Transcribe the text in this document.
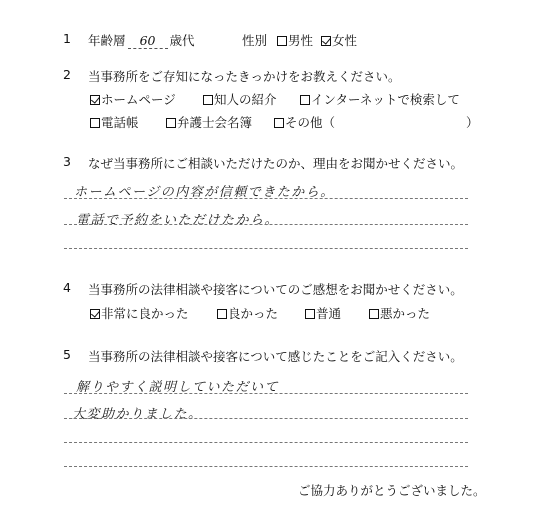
1 年齢層 60 歳代	性別 男性 女性
2 当事務所をご存知になったきっかけをお教えください。
ホームページ	知人の紹介	インターネットで検索して
電話帳	弁護士会名簿	その他（	）
3 なぜ当事務所にご相談いただけたのか、理由をお聞かせください。
ホームページの内容が信頼できたから。
電話で予約をいただけたから。
4 当事務所の法律相談や接客についてのご感想をお聞かせください。
非常に良かった	良かった	普通	悪かった
5 当事務所の法律相談や接客について感じたことをご記入ください。
解りやすく説明していただいて
大変助かりました。
ご協力ありがとうございました。
